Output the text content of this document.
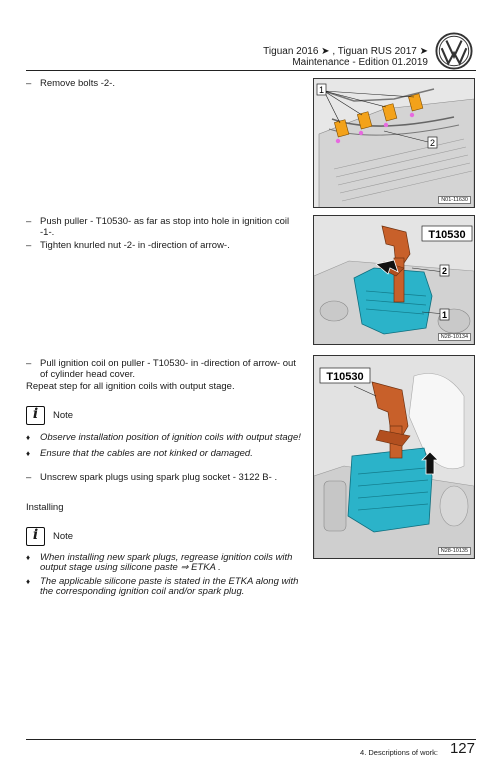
Tiguan 2016 ➤ , Tiguan RUS 2017 ➤
Maintenance - Edition 01.2019
– Remove bolts -2-.
1
2
N01-11630
– Push puller - T10530- as far as stop into hole in ignition coil -1-.
– Tighten knurled nut -2- in -direction of arrow-.
T10530
2
1
N28-10134
– Pull ignition coil on puller - T10530- in -direction of arrow- out of cylinder head cover.
Repeat step for all ignition coils with output stage.
i	Note
♦	Observe installation position of ignition coils with output stage!
♦	Ensure that the cables are not kinked or damaged.
– Unscrew spark plugs using spark plug socket - 3122 B- .
Installing
i	Note
♦	When installing new spark plugs, regrease ignition coils with output stage using silicone paste ⇒ ETKA .
♦	The applicable silicone paste is stated in the ETKA along with the corresponding ignition coil and/or spark plug.
T10530
N28-10135
4. Descriptions of work: 127
